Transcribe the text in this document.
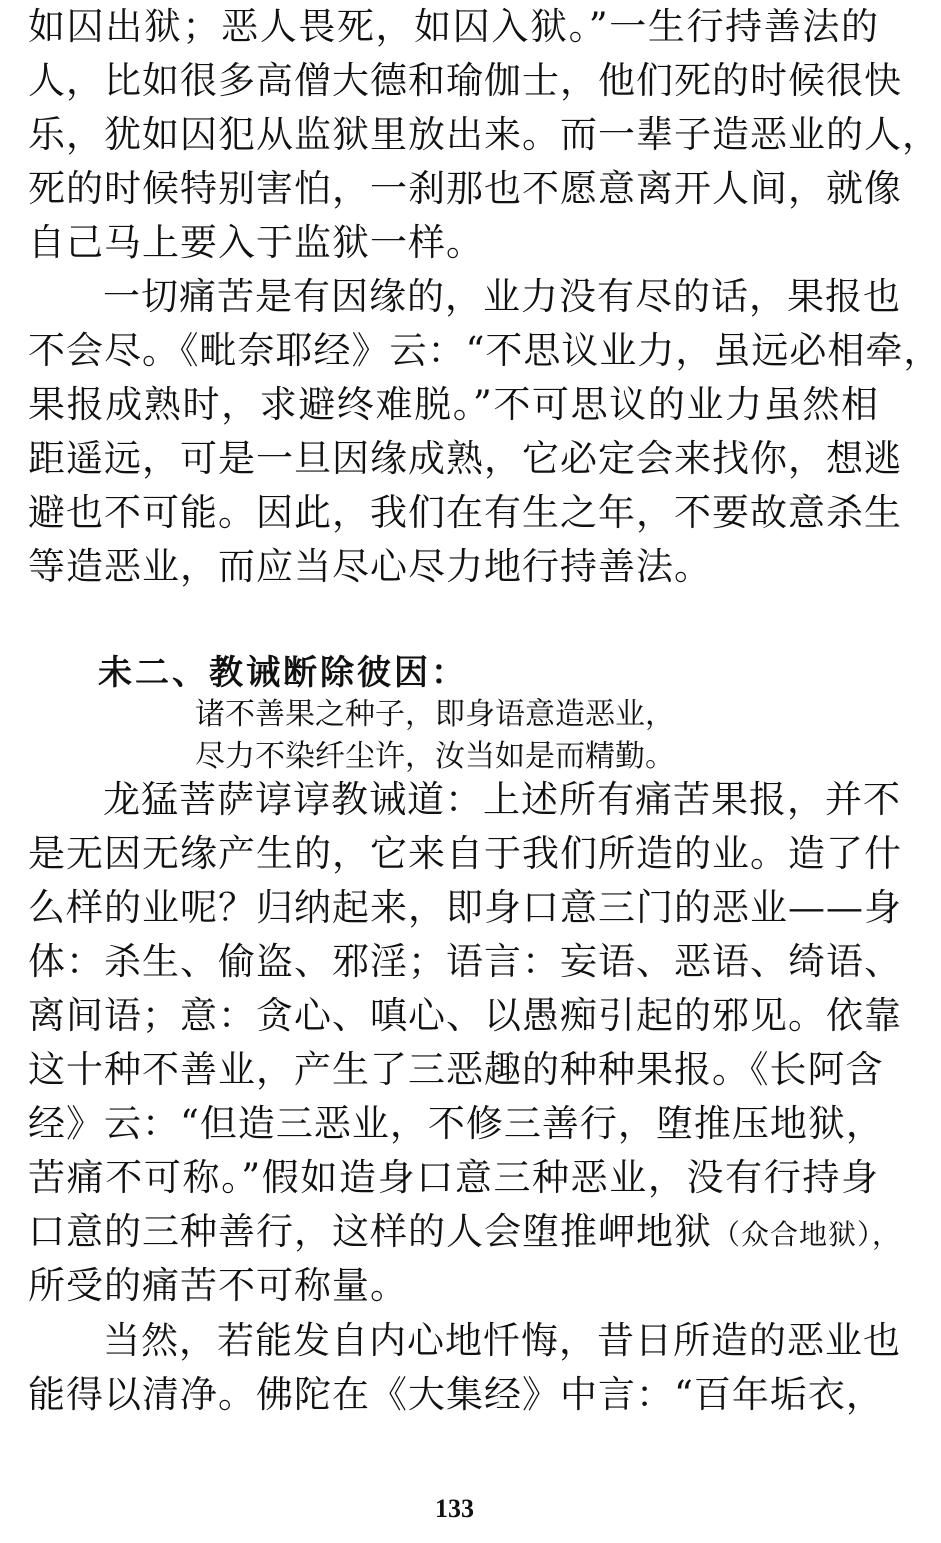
如囚出狱；恶人畏死，如囚入狱。”一生行持善法的
人，比如很多高僧大德和瑜伽士，他们死的时候很快
乐，犹如囚犯从监狱里放出来。而一辈子造恶业的人，
死的时候特别害怕，一刹那也不愿意离开人间，就像
自己马上要入于监狱一样。
一切痛苦是有因缘的，业力没有尽的话，果报也
不会尽。《毗奈耶经》云：“不思议业力，虽远必相牵，
果报成熟时，求避终难脱。”不可思议的业力虽然相
距遥远，可是一旦因缘成熟，它必定会来找你，想逃
避也不可能。因此，我们在有生之年，不要故意杀生
等造恶业，而应当尽心尽力地行持善法。
未二、教诫断除彼因：
诸不善果之种子，即身语意造恶业，
尽力不染纤尘许，汝当如是而精勤。
龙猛菩萨谆谆教诫道：上述所有痛苦果报，并不
是无因无缘产生的，它来自于我们所造的业。造了什
么样的业呢？归纳起来，即身口意三门的恶业——身
体：杀生、偷盗、邪淫；语言：妄语、恶语、绮语、
离间语；意：贪心、嗔心、以愚痴引起的邪见。依靠
这十种不善业，产生了三恶趣的种种果报。《长阿含
经》云：“但造三恶业，不修三善行，堕推压地狱，
苦痛不可称。”假如造身口意三种恶业，没有行持身
口意的三种善行，这样的人会堕推岬地狱（众合地狱），
所受的痛苦不可称量。
当然，若能发自内心地忏悔，昔日所造的恶业也
能得以清净。佛陀在《大集经》中言：“百年垢衣，
133
